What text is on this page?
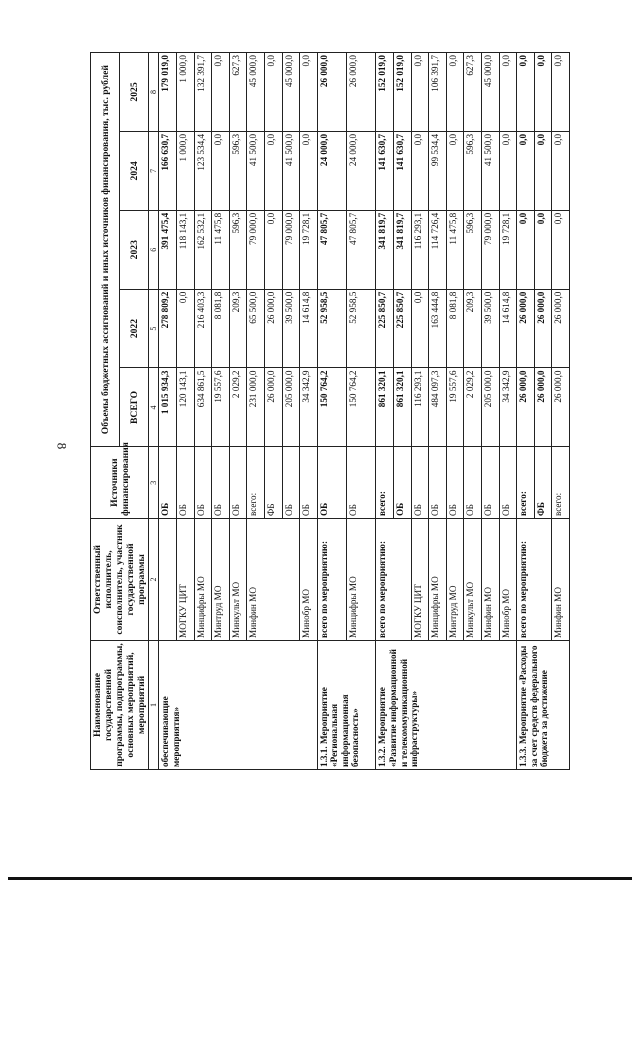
8
Наименование государственной программы, подпрограммы, основных мероприятий, мероприятий	Ответственный исполнитель, соисполнитель, участник государственной программы	Источники финансирования	Объемы бюджетных ассигнований и иных источников финансирования, тыс. рублей				
			ВСЕГО	2022	2023	2024	2025
1	2	3	4	5	6	7	8
обеспечивающие мероприятия»		ОБ	1 015 934,3	278 809,2	391 475,4	166 630,7	179 019,0
	МОГКУ ЦИТ	ОБ	120 143,1	0,0	118 143,1	1 000,0	1 000,0
	Минцифры МО	ОБ	634 861,5	216 403,3	162 532,1	123 534,4	132 391,7
	Минтруд МО	ОБ	19 557,6	8 081,8	11 475,8	0,0	0,0
	Минкульт МО	ОБ	2 029,2	209,3	596,3	596,3	627,3
	Минфин МО	всего:	231 000,0	65 500,0	79 000,0	41 500,0	45 000,0
		ФБ	26 000,0	26 000,0	0,0	0,0	0,0
		ОБ	205 000,0	39 500,0	79 000,0	41 500,0	45 000,0
	Минобр МО	ОБ	34 342,9	14 614,8	19 728,1	0,0	0,0
1.3.1. Мероприятие «Региональная информационная безопасность»	всего по мероприятию:	ОБ	150 764,2	52 958,5	47 805,7	24 000,0	26 000,0
	Минцифры МО	ОБ	150 764,2	52 958,5	47 805,7	24 000,0	26 000,0
1.3.2. Мероприятие «Развитие информационной и телекоммуникационной инфраструктуры»	всего по мероприятию:	всего:	861 320,1	225 850,7	341 819,7	141 630,7	152 019,0
		ОБ	861 320,1	225 850,7	341 819,7	141 630,7	152 019,0
	МОГКУ ЦИТ	ОБ	116 293,1	0,0	116 293,1	0,0	0,0
	Минцифры МО	ОБ	484 097,3	163 444,8	114 726,4	99 534,4	106 391,7
	Минтруд МО	ОБ	19 557,6	8 081,8	11 475,8	0,0	0,0
	Минкульт МО	ОБ	2 029,2	209,3	596,3	596,3	627,3
	Минфин МО	ОБ	205 000,0	39 500,0	79 000,0	41 500,0	45 000,0
	Минобр МО	ОБ	34 342,9	14 614,8	19 728,1	0,0	0,0
1.3.3. Мероприятие «Расходы за счет средств федерального бюджета за достижение	всего по мероприятию:	всего:	26 000,0	26 000,0	0,0	0,0	0,0
		ФБ	26 000,0	26 000,0	0,0	0,0	0,0
	Минфин МО	всего:	26 000,0	26 000,0	0,0	0,0	0,0
